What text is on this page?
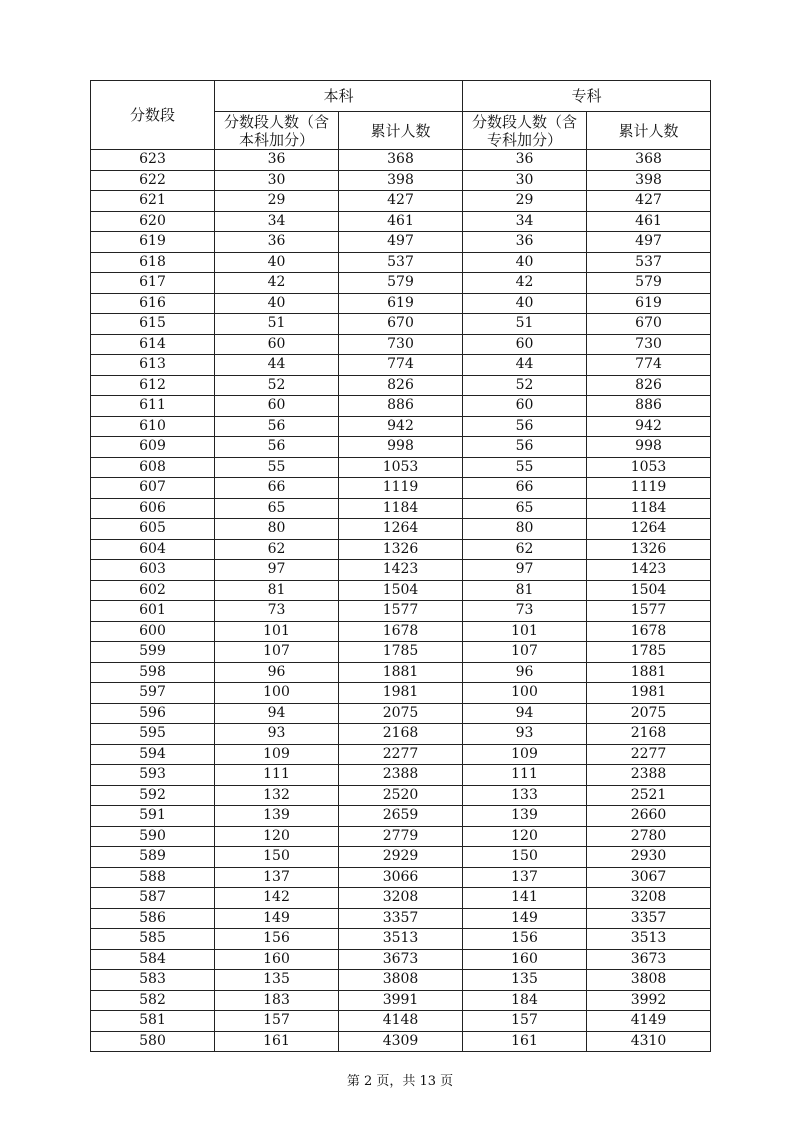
分数段	本科		专科	
	分数段人数（含本科加分）	累计人数	分数段人数（含专科加分）	累计人数
623	36	368	36	368
622	30	398	30	398
621	29	427	29	427
620	34	461	34	461
619	36	497	36	497
618	40	537	40	537
617	42	579	42	579
616	40	619	40	619
615	51	670	51	670
614	60	730	60	730
613	44	774	44	774
612	52	826	52	826
611	60	886	60	886
610	56	942	56	942
609	56	998	56	998
608	55	1053	55	1053
607	66	1119	66	1119
606	65	1184	65	1184
605	80	1264	80	1264
604	62	1326	62	1326
603	97	1423	97	1423
602	81	1504	81	1504
601	73	1577	73	1577
600	101	1678	101	1678
599	107	1785	107	1785
598	96	1881	96	1881
597	100	1981	100	1981
596	94	2075	94	2075
595	93	2168	93	2168
594	109	2277	109	2277
593	111	2388	111	2388
592	132	2520	133	2521
591	139	2659	139	2660
590	120	2779	120	2780
589	150	2929	150	2930
588	137	3066	137	3067
587	142	3208	141	3208
586	149	3357	149	3357
585	156	3513	156	3513
584	160	3673	160	3673
583	135	3808	135	3808
582	183	3991	184	3992
581	157	4148	157	4149
580	161	4309	161	4310
第 2 页，共 13 页
